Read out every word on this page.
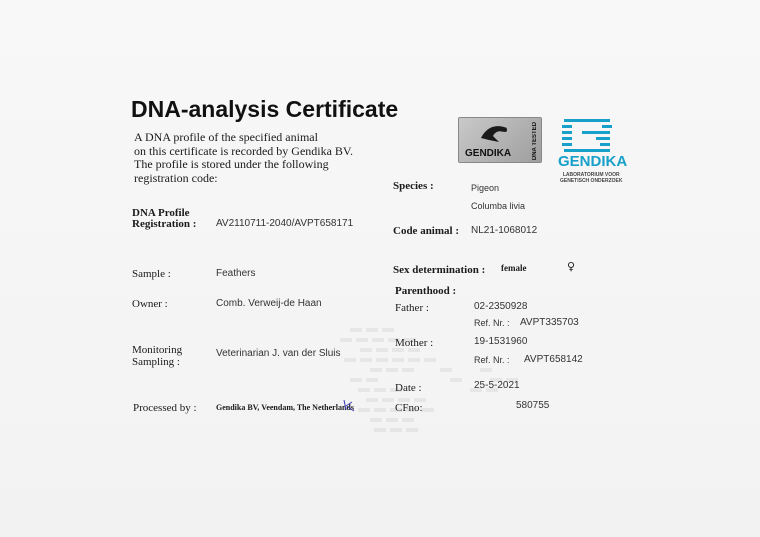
DNA-analysis Certificate
A DNA profile of the specified animal
on this certificate is recorded by Gendika BV.
The profile is stored under the following
registration code:
GENDIKA	DNA TESTED
GENDIKA
LABORATORIUM VOOR
GENETISCH ONDERZOEK
DNA Profile
Registration : AV2110711-2040/AVPT658171
Sample :	Feathers
Owner :	Comb. Verweij-de Haan
Monitoring
Sampling :
Veterinarian J. van der Sluis
Processed by : Gendika BV, Veendam, The Netherlands
Species :	Pigeon
Columba livia
Code animal : NL21-1068012
Sex determination : female	♀
Parenthood :
Father :	02-2350928
Ref. Nr. : AVPT335703
Mother :	19-1531960
Ref. Nr. : AVPT658142
Date :	25-5-2021
CFno:	580755
